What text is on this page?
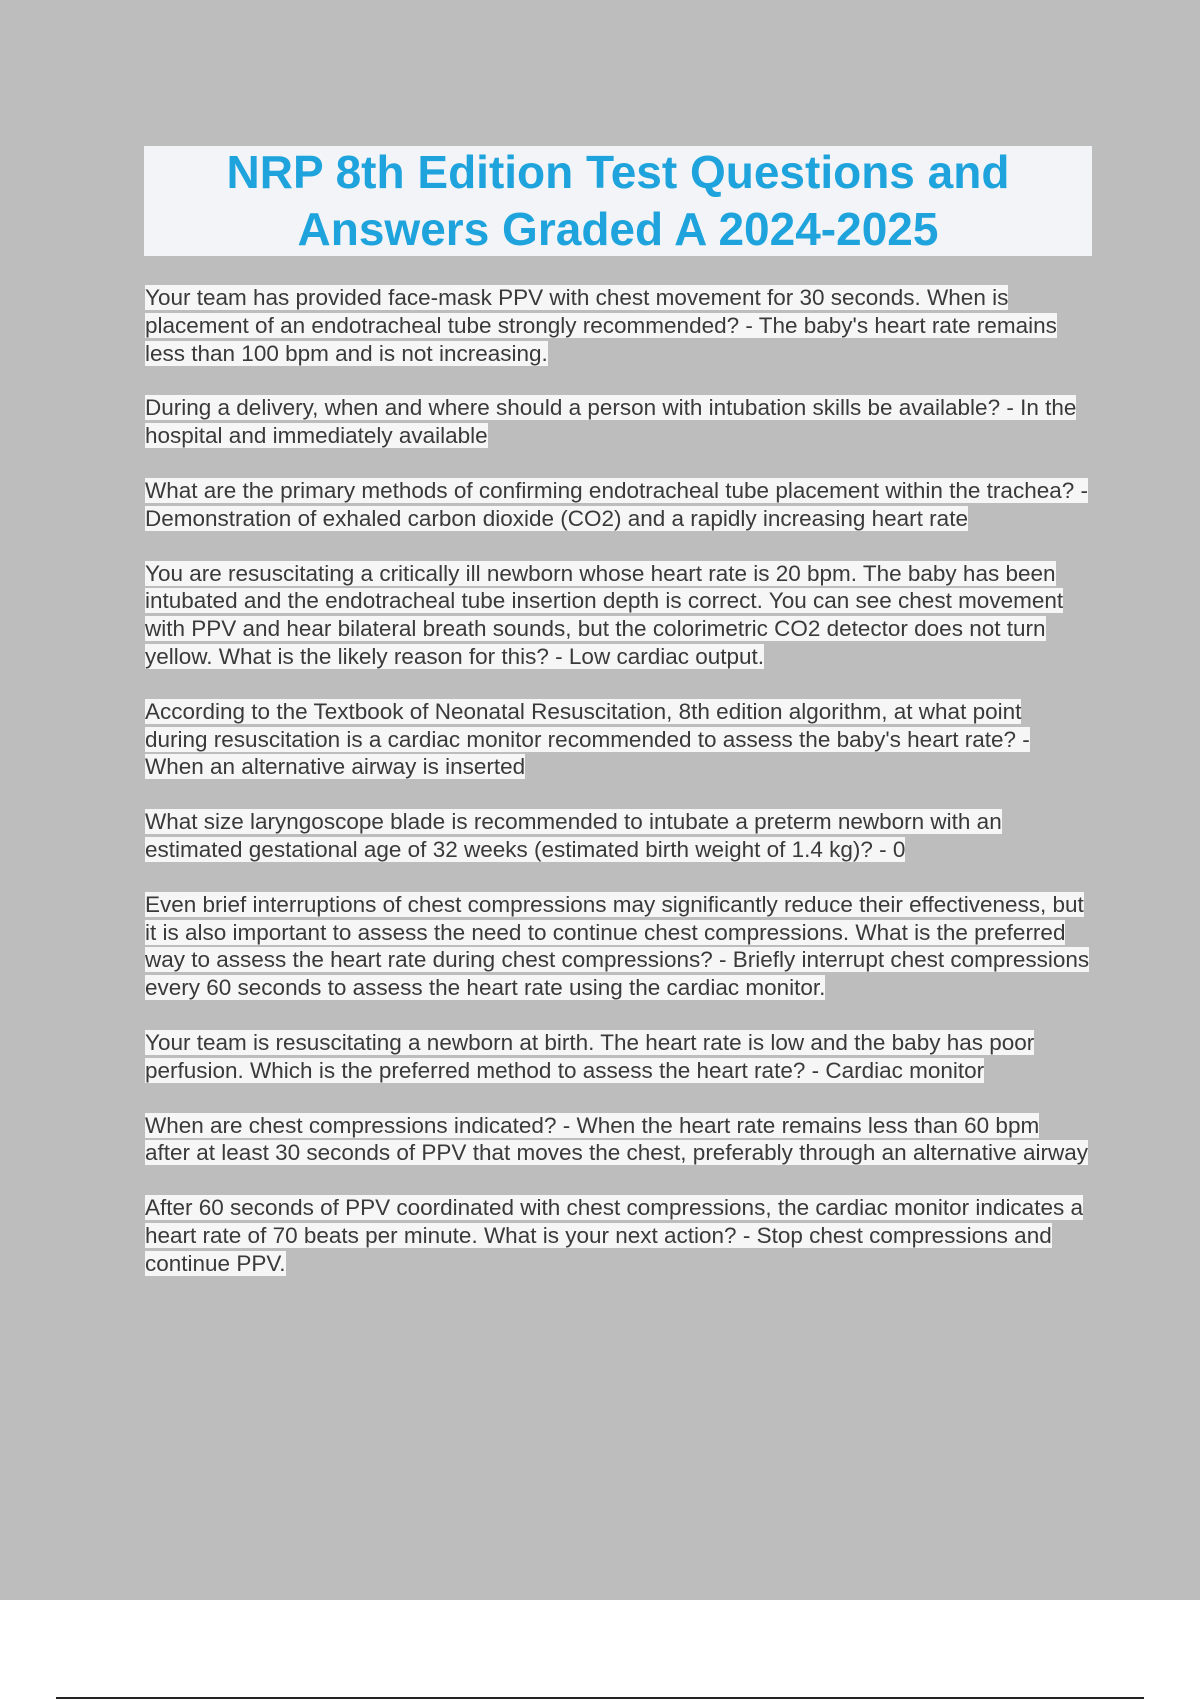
NRP 8th Edition Test Questions and
Answers Graded A 2024-2025

Your team has provided face-mask PPV with chest movement for 30 seconds. When is placement of an endotracheal tube strongly recommended? - The baby's heart rate remains less than 100 bpm and is not increasing.

During a delivery, when and where should a person with intubation skills be available? - In the hospital and immediately available

What are the primary methods of confirming endotracheal tube placement within the trachea? - Demonstration of exhaled carbon dioxide (CO2) and a rapidly increasing heart rate

You are resuscitating a critically ill newborn whose heart rate is 20 bpm. The baby has been intubated and the endotracheal tube insertion depth is correct. You can see chest movement with PPV and hear bilateral breath sounds, but the colorimetric CO2 detector does not turn yellow. What is the likely reason for this? - Low cardiac output.

According to the Textbook of Neonatal Resuscitation, 8th edition algorithm, at what point during resuscitation is a cardiac monitor recommended to assess the baby's heart rate? - When an alternative airway is inserted

What size laryngoscope blade is recommended to intubate a preterm newborn with an estimated gestational age of 32 weeks (estimated birth weight of 1.4 kg)? - 0

Even brief interruptions of chest compressions may significantly reduce their effectiveness, but it is also important to assess the need to continue chest compressions. What is the preferred way to assess the heart rate during chest compressions? - Briefly interrupt chest compressions every 60 seconds to assess the heart rate using the cardiac monitor.

Your team is resuscitating a newborn at birth. The heart rate is low and the baby has poor perfusion. Which is the preferred method to assess the heart rate? - Cardiac monitor

When are chest compressions indicated? - When the heart rate remains less than 60 bpm after at least 30 seconds of PPV that moves the chest, preferably through an alternative airway

After 60 seconds of PPV coordinated with chest compressions, the cardiac monitor indicates a heart rate of 70 beats per minute. What is your next action? - Stop chest compressions and continue PPV.
